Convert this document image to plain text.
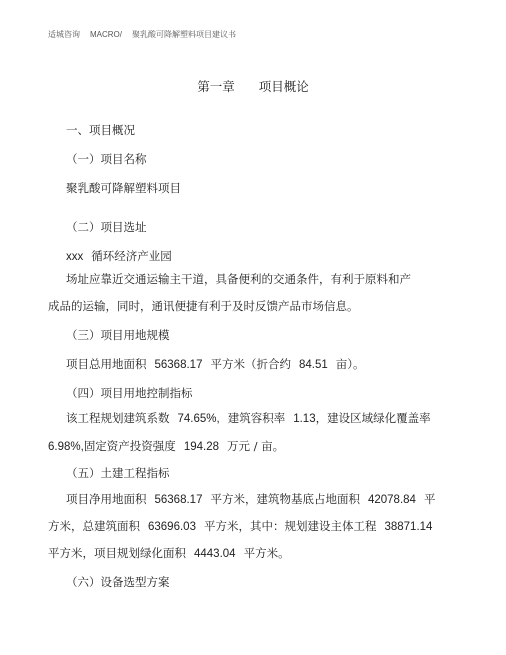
适城咨询 MACRO/ 聚乳酸可降解塑料项目建议书
第一章 项目概论
一、项目概况
（一）项目名称
聚乳酸可降解塑料项目
（二）项目选址
xxx 循环经济产业园
场址应靠近交通运输主干道，具备便利的交通条件，有利于原料和产
成品的运输，同时，通讯便捷有利于及时反馈产品市场信息。
（三）项目用地规模
项目总用地面积 56368.17 平方米（折合约 84.51 亩）。
（四）项目用地控制指标
该工程规划建筑系数 74.65%, 建筑容积率 1.13，建设区域绿化覆盖率
6.98%,固定资产投资强度 194.28 万元 / 亩。
（五）土建工程指标
项目净用地面积 56368.17 平方米，建筑物基底占地面积 42078.84 平
方米，总建筑面积 63696.03 平方米，其中：规划建设主体工程 38871.14
平方米，项目规划绿化面积 4443.04 平方米。
（六）设备选型方案
